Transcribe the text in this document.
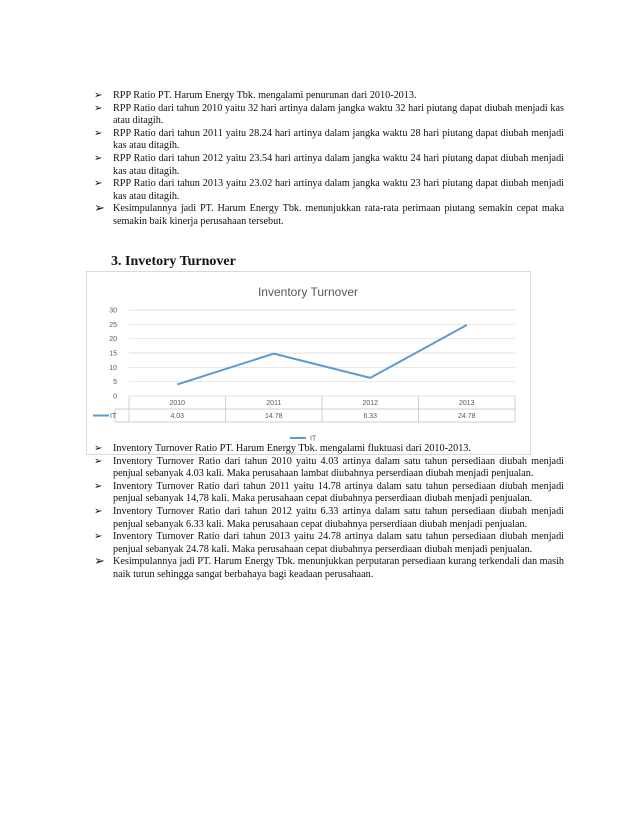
➢ RPP Ratio PT. Harum Energy Tbk. mengalami penurunan dari 2010-2013.
➢ RPP Ratio dari tahun 2010 yaitu 32 hari artinya dalam jangka waktu 32 hari piutang dapat diubah menjadi kas atau ditagih.
➢ RPP Ratio dari tahun 2011 yaitu 28.24 hari artinya dalam jangka waktu 28 hari piutang dapat diubah menjadi kas atau ditagih.
➢ RPP Ratio dari tahun 2012 yaitu 23.54 hari artinya dalam jangka waktu 24 hari piutang dapat diubah menjadi kas atau ditagih.
➢ RPP Ratio dari tahun 2013 yaitu 23.02 hari artinya dalam jangka waktu 23 hari piutang dapat diubah menjadi kas atau ditagih.
➢ Kesimpulannya jadi PT. Harum Energy Tbk. menunjukkan rata-rata perimaan piutang semakin cepat maka semakin baik kinerja perusahaan tersebut.
3. Invetory Turnover
Inventory Turnover
0
5
10
15
20
25
30
2010	2011	2012	2013
IT	4.03	14.78	6.33	24.78
IT
➢ Inventory Turnover Ratio PT. Harum Energy Tbk. mengalami fluktuasi dari 2010-2013.
➢ Inventory Turnover Ratio dari tahun 2010 yaitu 4.03 artinya dalam satu tahun persediaan diubah menjadi penjual sebanyak 4.03 kali. Maka perusahaan lambat diubahnya perserdiaan diubah menjadi penjualan.
➢ Inventory Turnover Ratio dari tahun 2011 yaitu 14.78 artinya dalam satu tahun persediaan diubah menjadi penjual sebanyak 14,78 kali. Maka perusahaan cepat diubahnya perserdiaan diubah menjadi penjualan.
➢ Inventory Turnover Ratio dari tahun 2012 yaitu 6.33 artinya dalam satu tahun persediaan diubah menjadi penjual sebanyak 6.33 kali. Maka perusahaan cepat diubahnya perserdiaan diubah menjadi penjualan.
➢ Inventory Turnover Ratio dari tahun 2013 yaitu 24.78 artinya dalam satu tahun persediaan diubah menjadi penjual sebanyak 24.78 kali. Maka perusahaan cepat diubahnya perserdiaan diubah menjadi penjualan.
➢ Kesimpulannya jadi PT. Harum Energy Tbk. menunjukkan perputaran persediaan kurang terkendali dan masih naik turun sehingga sangat berbahaya bagi keadaan perusahaan.
